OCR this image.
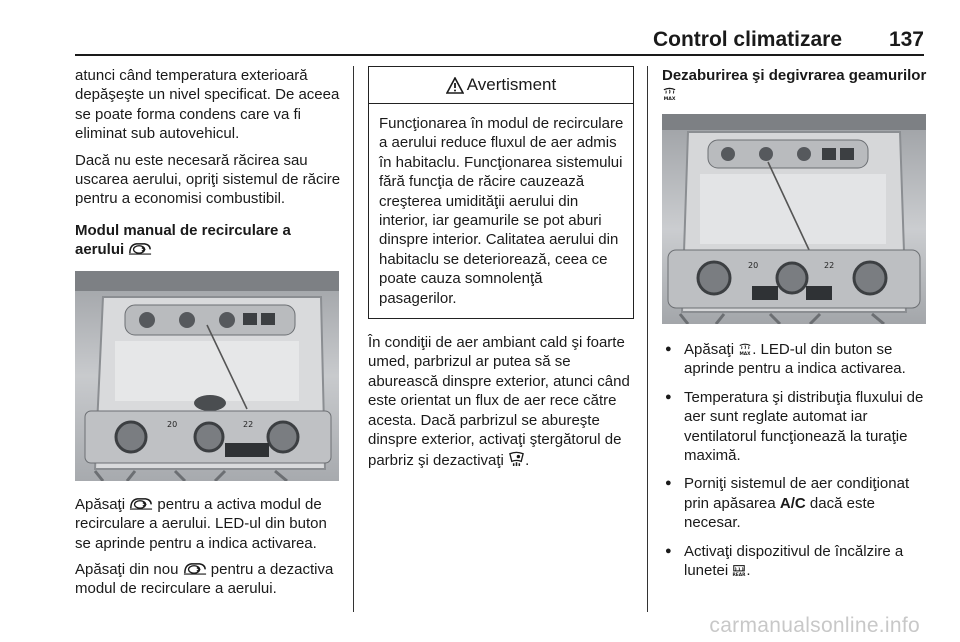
Control climatizare 137

atunci când temperatura exterioară depăşeşte un nivel specificat. De aceea se poate forma condens care va fi eliminat sub autovehicul.

Dacă nu este necesară răcirea sau uscarea aerului, opriţi sistemul de răcire pentru a economisi combustibil.

Modul manual de recirculare a aerului
20	22

Apăsaţi pentru a activa modul de recirculare a aerului. LED-ul din buton se aprinde pentru a indica activarea.

Apăsaţi din nou pentru a dezactiva modul de recirculare a aerului.

Avertisment

Funcţionarea în modul de recirculare a aerului reduce fluxul de aer admis în habitaclu. Funcţionarea sistemului fără funcţia de răcire cauzează creşterea umidităţii aerului din interior, iar geamurile se pot aburi dinspre interior. Calitatea aerului din habitaclu se deteriorează, ceea ce poate cauza somnolenţă pasagerilor.

În condiţii de aer ambiant cald şi foarte umed, parbrizul ar putea să se aburească dinspre exterior, atunci când este orientat un flux de aer rece către acesta. Dacă parbrizul se abureşte dinspre exterior, activaţi ştergătorul de parbriz şi dezactivaţi .

Dezaburirea şi degivrarea geamurilor
20	22
● Apăsaţi . LED-ul din buton se aprinde pentru a indica activarea.
● Temperatura şi distribuţia fluxului de aer sunt reglate automat iar ventilatorul funcţionează la turaţie maximă.
● Porniţi sistemul de aer condiţionat prin apăsarea A/C dacă este necesar.
● Activaţi dispozitivul de încălzire a lunetei .
carmanualsonline.info
